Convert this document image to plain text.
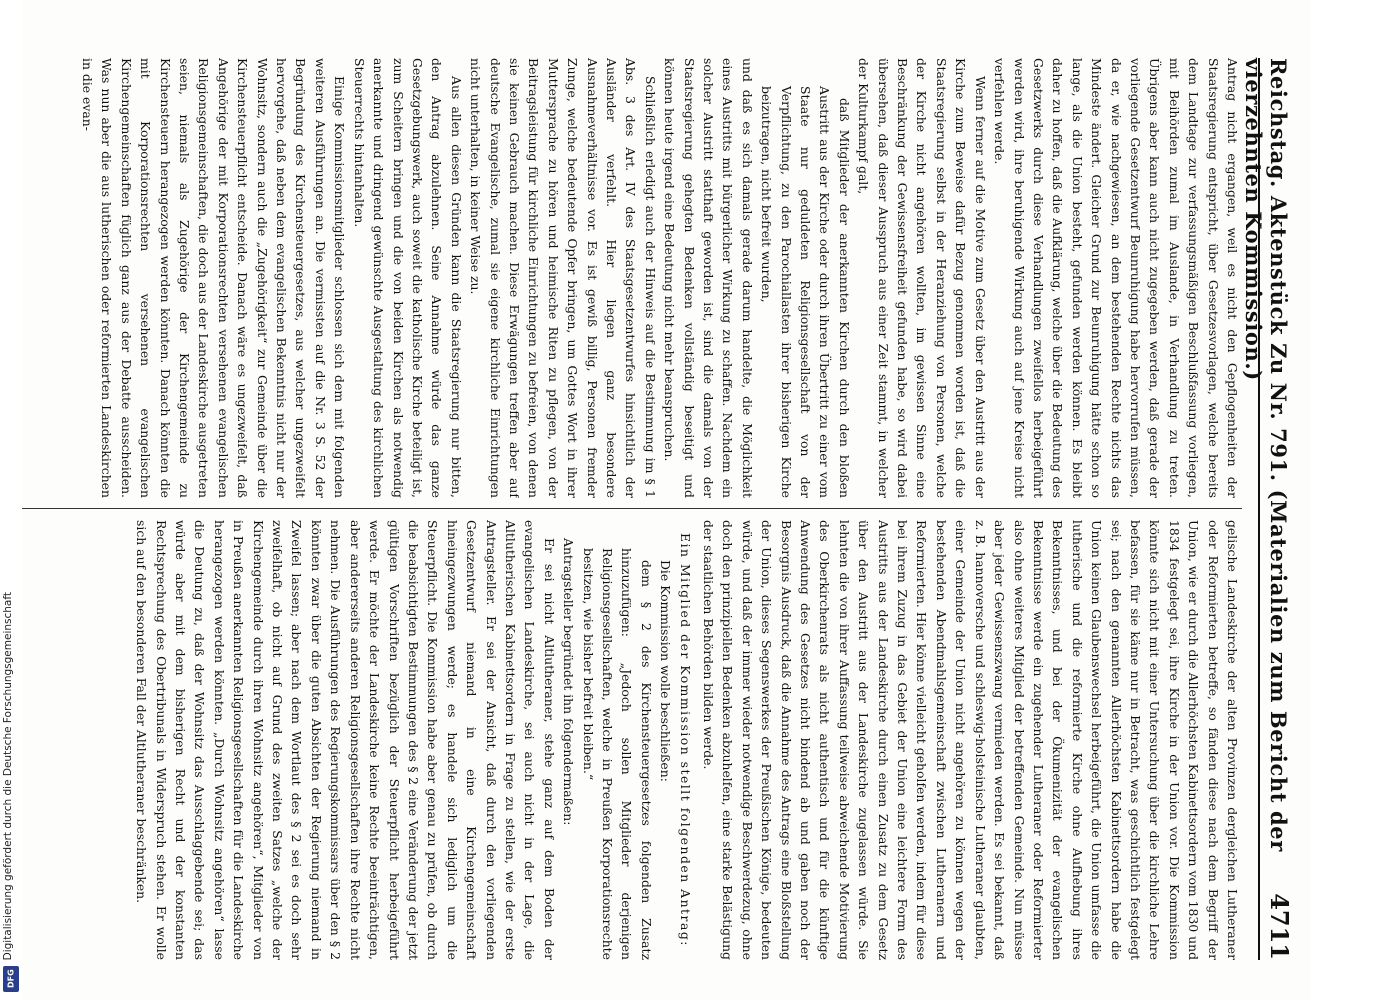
Reichstag. Aktenstück Zu Nr. 791. (Materialien zum Bericht der vierzehnten Kommission.)
4711

Antrag nicht ergangen, weil es nicht den Gepflogenheiten der Staatsregierung entspricht, über Gesetzesvorlagen, welche bereits dem Landtage zur verfassungsmäßigen Beschlußfassung vorliegen, mit Beihörden zumal im Auslande, in Verhandlung zu treten. Übrigens aber kann auch nicht zugegeben werden, daß gerade der vorliegende Gesetzentwurf Beunruhigung habe hervorrufen müssen, da er, wie nachgewiesen, an dem bestehenden Rechte nichts das Mindeste ändert. Gleicher Grund zur Beunruhigung hätte schon so lange, als die Union besteht, gefunden werden können. Es bleibt daher zu hoffen, daß die Aufklärung, welche über die Bedeutung des Gesetzwerks durch diese Verhandlungen zweifellos herbeigeführt werden wird, ihre beruhigende Wirkung auch auf jene Kreise nicht verfehlen werde.

Wenn ferner auf die Motive zum Gesetz über den Austritt aus der Kirche zum Beweise dafür Bezug genommen worden ist, daß die Staatsregierung selbst in der Heranziehung von Personen, welche der Kirche nicht angehören wollten, im gewissen Sinne eine Beschränkung der Gewissensfreiheit gefunden habe, so wird dabei übersehen, daß dieser Ausspruch aus einer Zeit stammt, in welcher der Kulturkampf galt,

daß Mitglieder der anerkannten Kirchen durch den bloßen Austritt aus der Kirche oder durch ihren Übertritt zu einer vom Staate nur geduldeten Religionsgesellschaft von der Verpflichtung, zu den Parochiallasten ihrer bisherigen Kirche beizutragen, nicht befreit wurden,

und daß es sich damals gerade darum handelte, die Möglichkeit eines Austritts mit bürgerlicher Wirkung zu schaffen. Nachdem ein solcher Austritt statthaft geworden ist, sind die damals von der Staatsregierung gehegten Bedenken vollständig beseitigt und können heute irgend eine Bedeutung nicht mehr beanspruchen.

Schließlich erledigt auch der Hinweis auf die Bestimmung im § 1 Abs. 3 des Art. IV des Staatsgesetzentwurfes hinsichtlich der Ausländer verfehlt. Hier liegen ganz besondere Ausnahmeverhältnisse vor. Es ist gewiß billig, Personen fremder Zunge, welche bedeutende Opfer bringen, um Gottes Wort in ihrer Muttersprache zu hören und heimische Riten zu pflegen, von der Beitragsleistung für kirchliche Einrichtungen zu befreien, von denen sie keinen Gebrauch machen. Diese Erwägungen treffen aber auf deutsche Evangelische, zumal sie eigene kirchliche Einrichtungen nicht unterhalten, in keiner Weise zu.

Aus allen diesen Gründen kann die Staatsregierung nur bitten, den Antrag abzulehnen. Seine Annahme würde das ganze Gesetzgebungswerk, auch soweit die katholische Kirche beteiligt ist, zum Scheitern bringen und die von beiden Kirchen als notwendig anerkannte und dringend gewünschte Ausgestaltung des kirchlichen Steuerrechts hintanhalten.

Einige Kommissionsmitglieder schlossen sich dem mit folgenden weiteren Ausführungen an. Die vermissten auf die Nr. 3 S. 52 der Begründung des Kirchensteuergesetzes, aus welcher ungezweifelt hervorgehe, daß neben dem evangelischen Bekenntnis nicht nur der Wohnsitz, sondern auch die „Zugehörigkeit“ zur Gemeinde über die Kirchensteuerpflicht entscheide. Danach wäre es ungezweifelt, daß Angehörige der mit Korporationsrechten versehenen evangelischen Religionsgemeinschaften, die doch aus der Landeskirche ausgetreten seien, niemals als Zugehörige der Kirchengemeinde zu Kirchensteuern herangezogen werden könnten. Danach könnten die mit Korporationsrechten versehenen evangelischen Kirchengemeinschaften füglich ganz aus der Debatte ausscheiden. Was nun aber die aus lutherischen oder reformierten Landeskirchen in die evan-

gelische Landeskirche der alten Provinzen dergleichen Lutheraner oder Reformierten betreffe, so fänden diese nach dem Begriff der Union, wie er durch die Allerhöchsten Kabinettsordern vom 1830 und 1834 festgelegt sei, ihre Kirche in der Union vor. Die Kommission könnte sich nicht mit einer Untersuchung über die kirchliche Lehre befassen, für sie käme nur in Betracht, was geschichtlich festgelegt sei; nach den genannten Allerhöchsten Kabinettsordern habe die Union keinen Glaubenswechsel herbeigeführt, die Union umfasse die lutherische und die reformierte Kirche ohne Aufhebung ihres Bekenntnisses, und bei der Ökumenizität der evangelischen Bekenntnisse werde ein zugehender Lutheraner oder Reformierter also ohne weiteres Mitglied der betreffenden Gemeinde. Nun müsse aber jeder Gewissenszwang vermieden werden. Es sei bekannt, daß z. B. hannoversche und schleswig-holsteinische Lutheraner glaubten, einer Gemeinde der Union nicht angehören zu können wegen der bestehenden Abendmahlsgemeinschaft zwischen Lutheranern und Reformierten. Hier könne vielleicht geholfen werden, indem für diese bei ihrem Zuzug in das Gebiet der Union eine leichtere Form des Austritts aus der Landeskirche durch einen Zusatz zu dem Gesetz über den Austritt aus der Landeskirche zugelassen würde. Sie lehnten die von ihrer Auffassung teilweise abweichende Motivierung des Oberkirchenrats als nicht authentisch und für die künftige Anwendung des Gesetzes nicht bindend ab und gaben noch der Besorgnis Ausdruck, daß die Annahme des Antrags eine Bloßstellung der Union, dieses Segenswerkes der Preußischen Könige, bedeuten würde, und daß der immer wieder notwendige Beschwerdezug, ohne doch den prinzipiellen Bedenken abzuhelfen, eine starke Belästigung der staatlichen Behörden bilden werde.

Ein Mitglied der Kommission stellt folgenden Antrag:

Die Kommission wolle beschließen:

dem § 2 des Kirchensteuergesetzes folgenden Zusatz hinzuzufügen: „Jedoch sollen Mitglieder derjenigen Religionsgesellschaften, welche in Preußen Korporationsrechte besitzen, wie bisher befreit bleiben.“

Antragsteller begründet ihn folgendermaßen:

Er sei nicht Altlutheraner, stehe ganz auf dem Boden der evangelischen Landeskirche, sei auch nicht in der Lage, die Altlutherischen Kabinettsordern in Frage zu stellen, wie der erste Antragsteller. Er sei der Ansicht, daß durch den vorliegenden Gesetzentwurf niemand in eine Kirchengemeinschaft hineingezwungen werde; es handele sich lediglich um die Steuerpflicht. Die Kommission habe aber genau zu prüfen, ob durch die beabsichtigten Bestimmungen des § 2 eine Veränderung der jetzt gültigen Vorschriften bezüglich der Steuerpflicht herbeigeführt werde. Er möchte der Landeskirche keine Rechte beeinträchtigen, aber andererseits anderen Religionsgesellschaften ihre Rechte nicht nehmen. Die Ausführungen des Regierungskommissars über den § 2 könnten zwar über die guten Absichten der Regierung niemand in Zweifel lassen; aber nach dem Wortlaut des § 2 sei es doch sehr zweifelhaft, ob nicht auf Grund des zweiten Satzes „welche der Kirchengemeinde durch ihren Wohnsitz angehören“, Mitglieder von in Preußen anerkannten Religionsgesellschaften für die Landeskirche herangezogen werden könnten. „Durch Wohnsitz angehören“ lasse die Deutung zu, daß der Wohnsitz das Ausschlaggebende sei; das würde aber mit dem bisherigen Recht und der konstanten Rechtsprechung des Obertribunals in Widerspruch stehen. Er wolle sich auf den besonderen Fall der Altlutheraner beschränken.

Digitalisierung gefördert durch die Deutsche Forschungsgemeinschaft
DFG
